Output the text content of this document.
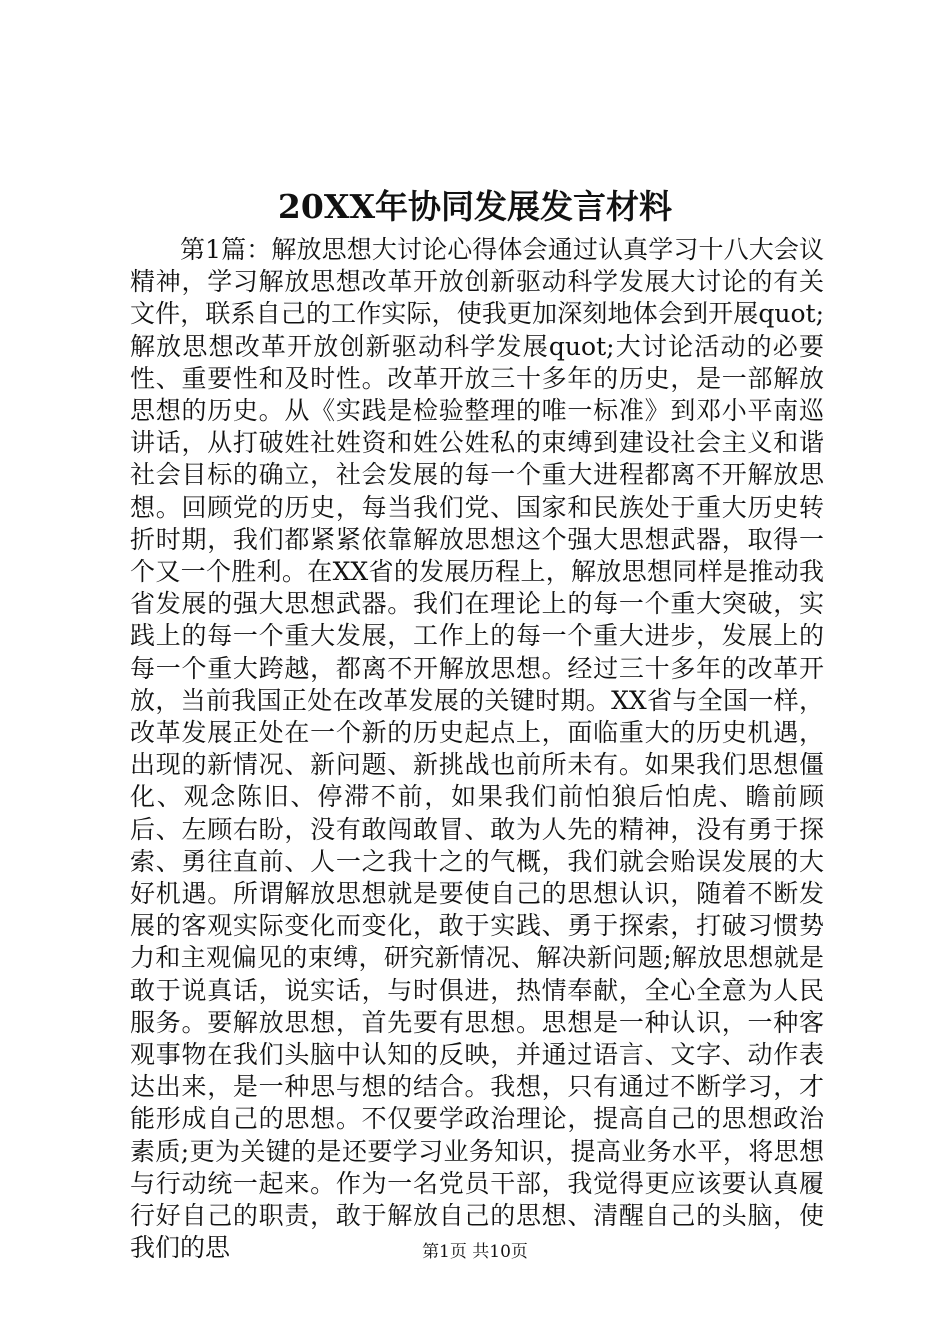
20XX年协同发展发言材料

第1篇：解放思想大讨论心得体会通过认真学习十八大会议精神，学习解放思想改革开放创新驱动科学发展大讨论的有关文件，联系自己的工作实际，使我更加深刻地体会到开展quot;解放思想改革开放创新驱动科学发展quot;大讨论活动的必要性、重要性和及时性。改革开放三十多年的历史，是一部解放思想的历史。从《实践是检验整理的唯一标准》到邓小平南巡讲话，从打破姓社姓资和姓公姓私的束缚到建设社会主义和谐社会目标的确立，社会发展的每一个重大进程都离不开解放思想。回顾党的历史，每当我们党、国家和民族处于重大历史转折时期，我们都紧紧依靠解放思想这个强大思想武器，取得一个又一个胜利。在XX省的发展历程上，解放思想同样是推动我省发展的强大思想武器。我们在理论上的每一个重大突破，实践上的每一个重大发展，工作上的每一个重大进步，发展上的每一个重大跨越，都离不开解放思想。经过三十多年的改革开放，当前我国正处在改革发展的关键时期。XX省与全国一样，改革发展正处在一个新的历史起点上，面临重大的历史机遇，出现的新情况、新问题、新挑战也前所未有。如果我们思想僵化、观念陈旧、停滞不前，如果我们前怕狼后怕虎、瞻前顾后、左顾右盼，没有敢闯敢冒、敢为人先的精神，没有勇于探索、勇往直前、人一之我十之的气概，我们就会贻误发展的大好机遇。所谓解放思想就是要使自己的思想认识，随着不断发展的客观实际变化而变化，敢于实践、勇于探索，打破习惯势力和主观偏见的束缚，研究新情况、解决新问题;解放思想就是敢于说真话，说实话，与时俱进，热情奉献，全心全意为人民服务。要解放思想，首先要有思想。思想是一种认识，一种客观事物在我们头脑中认知的反映，并通过语言、文字、动作表达出来，是一种思与想的结合。我想，只有通过不断学习，才能形成自己的思想。不仅要学政治理论，提高自己的思想政治素质;更为关键的是还要学习业务知识，提高业务水平，将思想与行动统一起来。作为一名党员干部，我觉得更应该要认真履行好自己的职责，敢于解放自己的思想、清醒自己的头脑，使我们的思	第1页 共10页
